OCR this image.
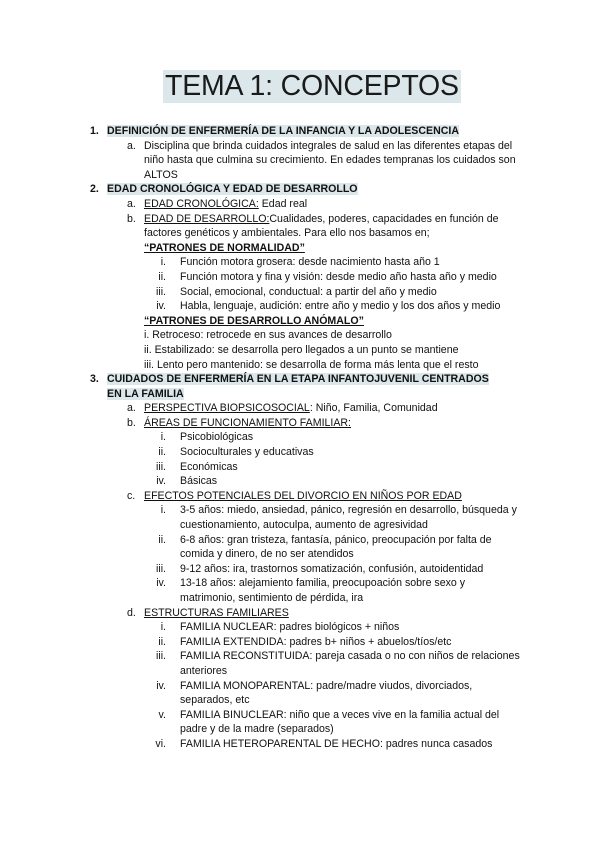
TEMA 1: CONCEPTOS
1. DEFINICIÓN DE ENFERMERÍA DE LA INFANCIA Y LA ADOLESCENCIA
a. Disciplina que brinda cuidados integrales de salud en las diferentes etapas del niño hasta que culmina su crecimiento. En edades tempranas los cuidados son ALTOS
2. EDAD CRONOLÓGICA Y EDAD DE DESARROLLO
a. EDAD CRONOLÓGICA: Edad real
b. EDAD DE DESARROLLO:Cualidades, poderes, capacidades en función de factores genéticos y ambientales. Para ello nos basamos en;
“PATRONES DE NORMALIDAD”
i. Función motora grosera: desde nacimiento hasta año 1
ii. Función motora y fina y visión: desde medio año hasta año y medio
iii. Social, emocional, conductual: a partir del año y medio
iv. Habla, lenguaje, audición: entre año y medio y los dos años y medio
“PATRONES DE DESARROLLO ANÓMALO”
i. Retroceso: retrocede en sus avances de desarrollo
ii. Estabilizado: se desarrolla pero llegados a un punto se mantiene
iii. Lento pero mantenido: se desarrolla de forma más lenta que el resto
3. CUIDADOS DE ENFERMERÍA EN LA ETAPA INFANTOJUVENIL CENTRADOS
EN LA FAMILIA
a. PERSPECTIVA BIOPSICOSOCIAL: Niño, Familia, Comunidad
b. ÁREAS DE FUNCIONAMIENTO FAMILIAR:
i. Psicobiológicas
ii. Socioculturales y educativas
iii. Económicas
iv. Básicas
c. EFECTOS POTENCIALES DEL DIVORCIO EN NIÑOS POR EDAD
i. 3-5 años: miedo, ansiedad, pánico, regresión en desarrollo, búsqueda y cuestionamiento, autoculpa, aumento de agresividad
ii. 6-8 años: gran tristeza, fantasía, pánico, preocupación por falta de comida y dinero, de no ser atendidos
iii. 9-12 años: ira, trastornos somatización, confusión, autoidentidad
iv. 13-18 años: alejamiento familia, preocupoación sobre sexo y matrimonio, sentimiento de pérdida, ira
d. ESTRUCTURAS FAMILIARES
i. FAMILIA NUCLEAR: padres biológicos + niños
ii. FAMILIA EXTENDIDA: padres b+ niños + abuelos/tíos/etc
iii. FAMILIA RECONSTITUIDA: pareja casada o no con niños de relaciones anteriores
iv. FAMILIA MONOPARENTAL: padre/madre viudos, divorciados, separados, etc
v. FAMILIA BINUCLEAR: niño que a veces vive en la familia actual del padre y de la madre (separados)
vi. FAMILIA HETEROPARENTAL DE HECHO: padres nunca casados
